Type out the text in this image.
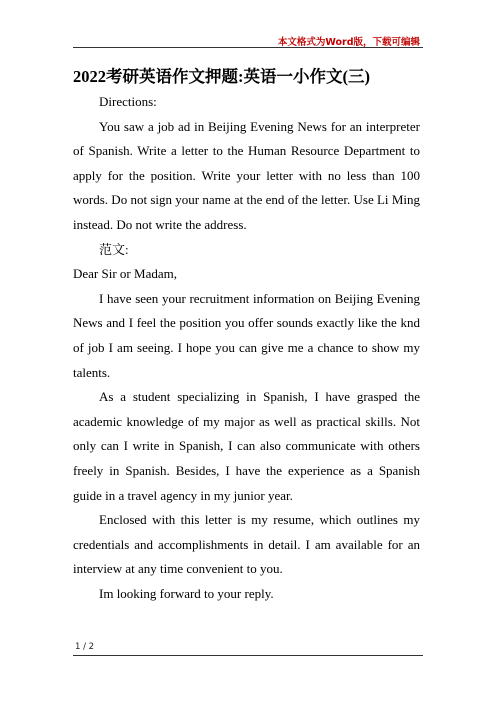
本文格式为Word版，下载可编辑
2022考研英语作文押题:英语一小作文(三)

Directions:

You saw a job ad in Beijing Evening News for an interpreter of Spanish. Write a letter to the Human Resource Department to apply for the position. Write your letter with no less than 100 words. Do not sign your name at the end of the letter. Use Li Ming instead. Do not write the address.

范文:

Dear Sir or Madam,

I have seen your recruitment information on Beijing Evening News and I feel the position you offer sounds exactly like the knd of job I am seeing. I hope you can give me a chance to show my talents.

As a student specializing in Spanish, I have grasped the academic knowledge of my major as well as practical skills. Not only can I write in Spanish, I can also communicate with others freely in Spanish. Besides, I have the experience as a Spanish guide in a travel agency in my junior year.

Enclosed with this letter is my resume, which outlines my credentials and accomplishments in detail. I am available for an interview at any time convenient to you.

Im looking forward to your reply.

1 / 2
